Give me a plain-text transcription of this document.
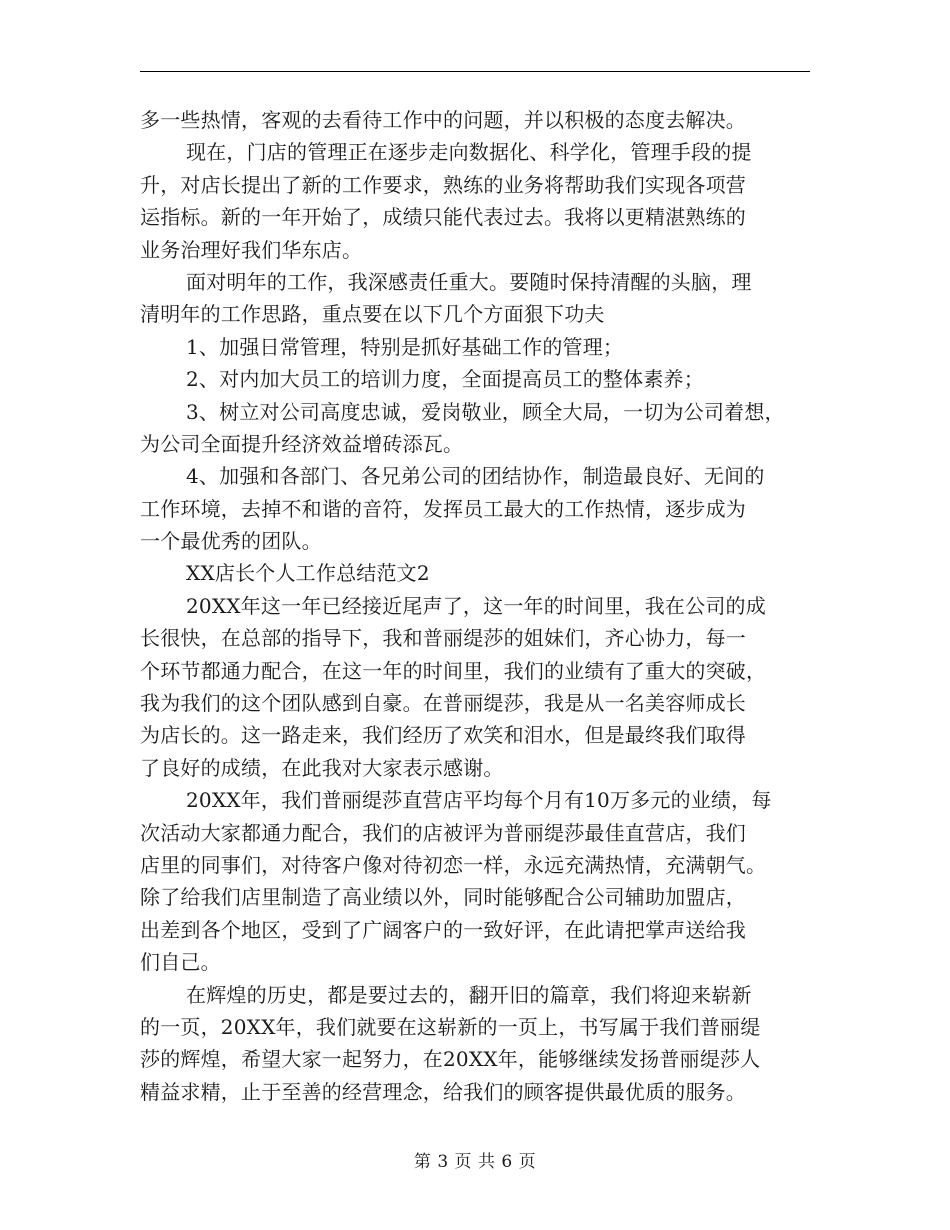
多一些热情，客观的去看待工作中的问题，并以积极的态度去解决。
现在，门店的管理正在逐步走向数据化、科学化，管理手段的提
升，对店长提出了新的工作要求，熟练的业务将帮助我们实现各项营
运指标。新的一年开始了，成绩只能代表过去。我将以更精湛熟练的
业务治理好我们华东店。
面对明年的工作，我深感责任重大。要随时保持清醒的头脑，理
清明年的工作思路，重点要在以下几个方面狠下功夫
1、加强日常管理，特别是抓好基础工作的管理；
2、对内加大员工的培训力度，全面提高员工的整体素养；
3、树立对公司高度忠诚，爱岗敬业，顾全大局，一切为公司着想，
为公司全面提升经济效益增砖添瓦。
4、加强和各部门、各兄弟公司的团结协作，制造最良好、无间的
工作环境，去掉不和谐的音符，发挥员工最大的工作热情，逐步成为
一个最优秀的团队。
XX店长个人工作总结范文2
20XX年这一年已经接近尾声了，这一年的时间里，我在公司的成
长很快，在总部的指导下，我和普丽缇莎的姐妹们，齐心协力，每一
个环节都通力配合，在这一年的时间里，我们的业绩有了重大的突破，
我为我们的这个团队感到自豪。在普丽缇莎，我是从一名美容师成长
为店长的。这一路走来，我们经历了欢笑和泪水，但是最终我们取得
了良好的成绩，在此我对大家表示感谢。
20XX年，我们普丽缇莎直营店平均每个月有10万多元的业绩，每
次活动大家都通力配合，我们的店被评为普丽缇莎最佳直营店，我们
店里的同事们，对待客户像对待初恋一样，永远充满热情，充满朝气。
除了给我们店里制造了高业绩以外，同时能够配合公司辅助加盟店，
出差到各个地区，受到了广阔客户的一致好评，在此请把掌声送给我
们自己。
在辉煌的历史，都是要过去的，翻开旧的篇章，我们将迎来崭新
的一页，20XX年，我们就要在这崭新的一页上，书写属于我们普丽缇
莎的辉煌，希望大家一起努力，在20XX年，能够继续发扬普丽缇莎人
精益求精，止于至善的经营理念，给我们的顾客提供最优质的服务。
第 3 页 共 6 页
